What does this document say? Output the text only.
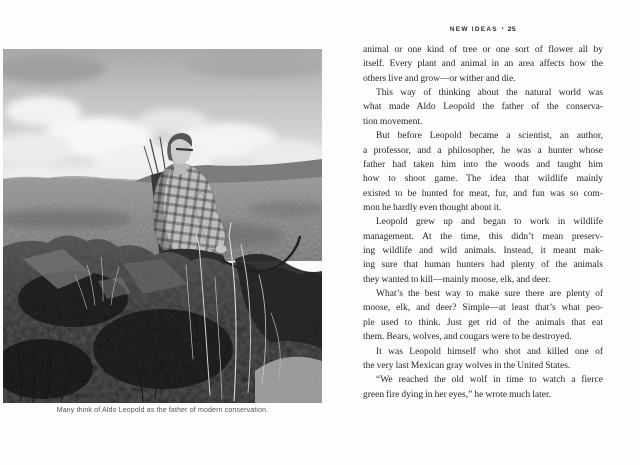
Many think of Aldo Leopold as the father of modern conservation.
NEW IDEAS • 25
animal or one kind of tree or one sort of flower all by
itself. Every plant and animal in an area affects how the
others live and grow—or wither and die.
This way of thinking about the natural world was
what made Aldo Leopold the father of the conserva-
tion movement.
But before Leopold became a scientist, an author,
a professor, and a philosopher, he was a hunter whose
father had taken him into the woods and taught him
how to shoot game. The idea that wildlife mainly
existed to be hunted for meat, fur, and fun was so com-
mon he hardly even thought about it.
Leopold grew up and began to work in wildlife
management. At the time, this didn’t mean preserv-
ing wildlife and wild animals. Instead, it meant mak-
ing sure that human hunters had plenty of the animals
they wanted to kill—mainly moose, elk, and deer.
What’s the best way to make sure there are plenty of
moose, elk, and deer? Simple—at least that’s what peo-
ple used to think. Just get rid of the animals that eat
them. Bears, wolves, and cougars were to be destroyed.
It was Leopold himself who shot and killed one of
the very last Mexican gray wolves in the United States.
“We reached the old wolf in time to watch a fierce
green fire dying in her eyes,” he wrote much later.
